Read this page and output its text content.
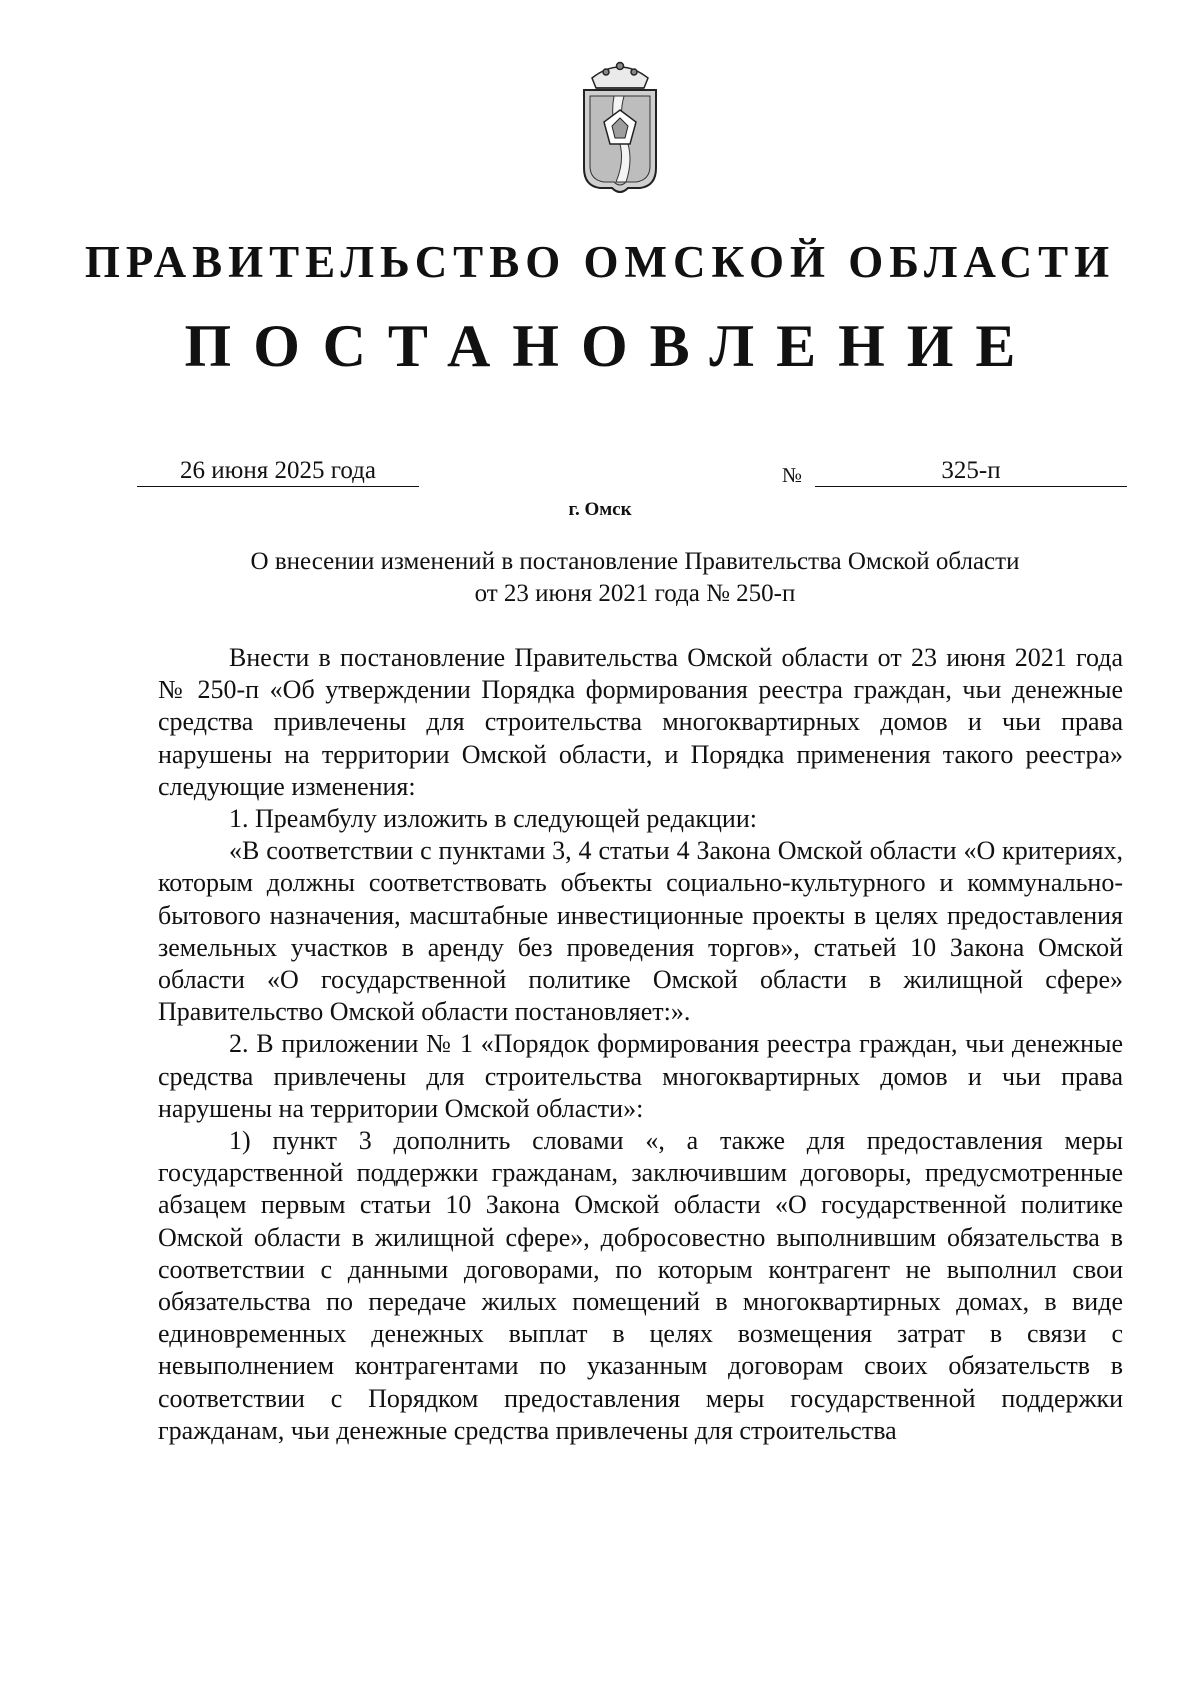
ПРАВИТЕЛЬСТВО ОМСКОЙ ОБЛАСТИ
ПОСТАНОВЛЕНИЕ
26 июня 2025 года	№	325-п
г. Омск
О внесении изменений в постановление Правительства Омской области
от 23 июня 2021 года № 250-п

Внести в постановление Правительства Омской области от 23 июня 2021 года № 250-п «Об утверждении Порядка формирования реестра граждан, чьи денежные средства привлечены для строительства многоквартирных домов и чьи права нарушены на территории Омской области, и Порядка применения такого реестра» следующие изменения:

1. Преамбулу изложить в следующей редакции:

«В соответствии с пунктами 3, 4 статьи 4 Закона Омской области «О критериях, которым должны соответствовать объекты социально-культурного и коммунально-бытового назначения, масштабные инвестиционные проекты в целях предоставления земельных участков в аренду без проведения торгов», статьей 10 Закона Омской области «О государственной политике Омской области в жилищной сфере» Правительство Омской области постановляет:».

2. В приложении № 1 «Порядок формирования реестра граждан, чьи денежные средства привлечены для строительства многоквартирных домов и чьи права нарушены на территории Омской области»:

1) пункт 3 дополнить словами «, а также для предоставления меры государственной поддержки гражданам, заключившим договоры, предусмотренные абзацем первым статьи 10 Закона Омской области «О государственной политике Омской области в жилищной сфере», добросовестно выполнившим обязательства в соответствии с данными договорами, по которым контрагент не выполнил свои обязательства по передаче жилых помещений в многоквартирных домах, в виде единовременных денежных выплат в целях возмещения затрат в связи с невыполнением контрагентами по указанным договорам своих обязательств в соответствии с Порядком предоставления меры государственной поддержки гражданам, чьи денежные средства привлечены для строительства
